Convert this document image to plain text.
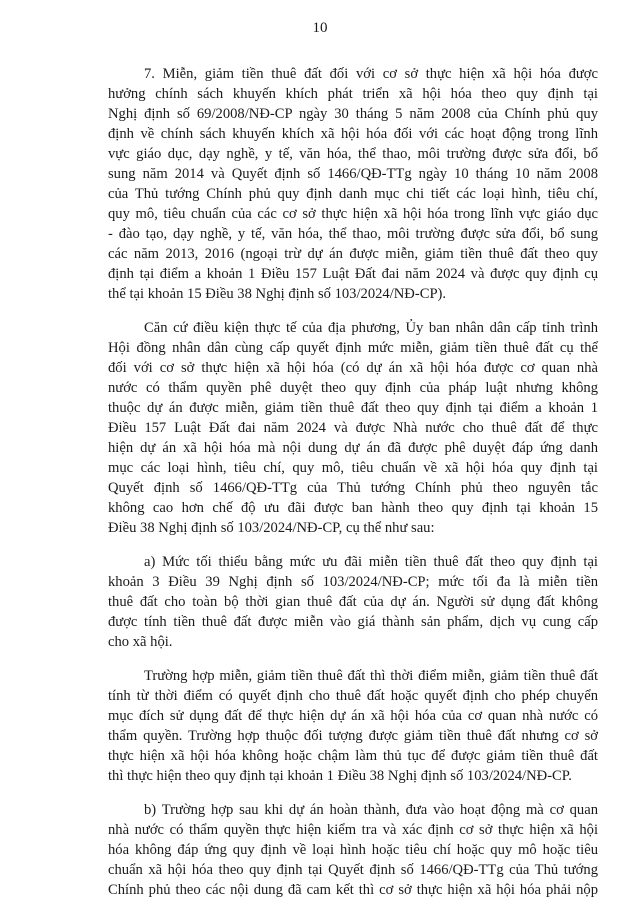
10
7. Miễn, giảm tiền thuê đất đối với cơ sở thực hiện xã hội hóa được
hưởng chính sách khuyến khích phát triển xã hội hóa theo quy định tại
Nghị định số 69/2008/NĐ-CP ngày 30 tháng 5 năm 2008 của Chính phủ quy
định về chính sách khuyến khích xã hội hóa đối với các hoạt động trong lĩnh
vực giáo dục, dạy nghề, y tế, văn hóa, thể thao, môi trường được sửa đổi, bổ
sung năm 2014 và Quyết định số 1466/QĐ-TTg ngày 10 tháng 10 năm 2008
của Thủ tướng Chính phủ quy định danh mục chi tiết các loại hình, tiêu chí,
quy mô, tiêu chuẩn của các cơ sở thực hiện xã hội hóa trong lĩnh vực giáo dục
- đào tạo, dạy nghề, y tế, văn hóa, thể thao, môi trường được sửa đổi, bổ sung
các năm 2013, 2016 (ngoại trừ dự án được miễn, giảm tiền thuê đất theo quy
định tại điểm a khoản 1 Điều 157 Luật Đất đai năm 2024 và được quy định cụ
thể tại khoản 15 Điều 38 Nghị định số 103/2024/NĐ-CP).
Căn cứ điều kiện thực tế của địa phương, Ủy ban nhân dân cấp tỉnh trình
Hội đồng nhân dân cùng cấp quyết định mức miễn, giảm tiền thuê đất cụ thể
đối với cơ sở thực hiện xã hội hóa (có dự án xã hội hóa được cơ quan nhà
nước có thẩm quyền phê duyệt theo quy định của pháp luật nhưng không
thuộc dự án được miễn, giảm tiền thuê đất theo quy định tại điểm a khoản 1
Điều 157 Luật Đất đai năm 2024 và được Nhà nước cho thuê đất để thực
hiện dự án xã hội hóa mà nội dung dự án đã được phê duyệt đáp ứng danh
mục các loại hình, tiêu chí, quy mô, tiêu chuẩn về xã hội hóa quy định tại
Quyết định số 1466/QĐ-TTg của Thủ tướng Chính phủ theo nguyên tắc
không cao hơn chế độ ưu đãi được ban hành theo quy định tại khoản 15
Điều 38 Nghị định số 103/2024/NĐ-CP, cụ thể như sau:
a) Mức tối thiểu bằng mức ưu đãi miễn tiền thuê đất theo quy định tại
khoản 3 Điều 39 Nghị định số 103/2024/NĐ-CP; mức tối đa là miễn tiền
thuê đất cho toàn bộ thời gian thuê đất của dự án. Người sử dụng đất không
được tính tiền thuê đất được miễn vào giá thành sản phẩm, dịch vụ cung cấp
cho xã hội.
Trường hợp miễn, giảm tiền thuê đất thì thời điểm miễn, giảm tiền thuê đất
tính từ thời điểm có quyết định cho thuê đất hoặc quyết định cho phép chuyển
mục đích sử dụng đất để thực hiện dự án xã hội hóa của cơ quan nhà nước có
thẩm quyền. Trường hợp thuộc đối tượng được giảm tiền thuê đất nhưng cơ sở
thực hiện xã hội hóa không hoặc chậm làm thủ tục để được giảm tiền thuê đất
thì thực hiện theo quy định tại khoản 1 Điều 38 Nghị định số 103/2024/NĐ-CP.
b) Trường hợp sau khi dự án hoàn thành, đưa vào hoạt động mà cơ quan
nhà nước có thẩm quyền thực hiện kiểm tra và xác định cơ sở thực hiện xã hội
hóa không đáp ứng quy định về loại hình hoặc tiêu chí hoặc quy mô hoặc tiêu
chuẩn xã hội hóa theo quy định tại Quyết định số 1466/QĐ-TTg của Thủ tướng
Chính phủ theo các nội dung đã cam kết thì cơ sở thực hiện xã hội hóa phải nộp
